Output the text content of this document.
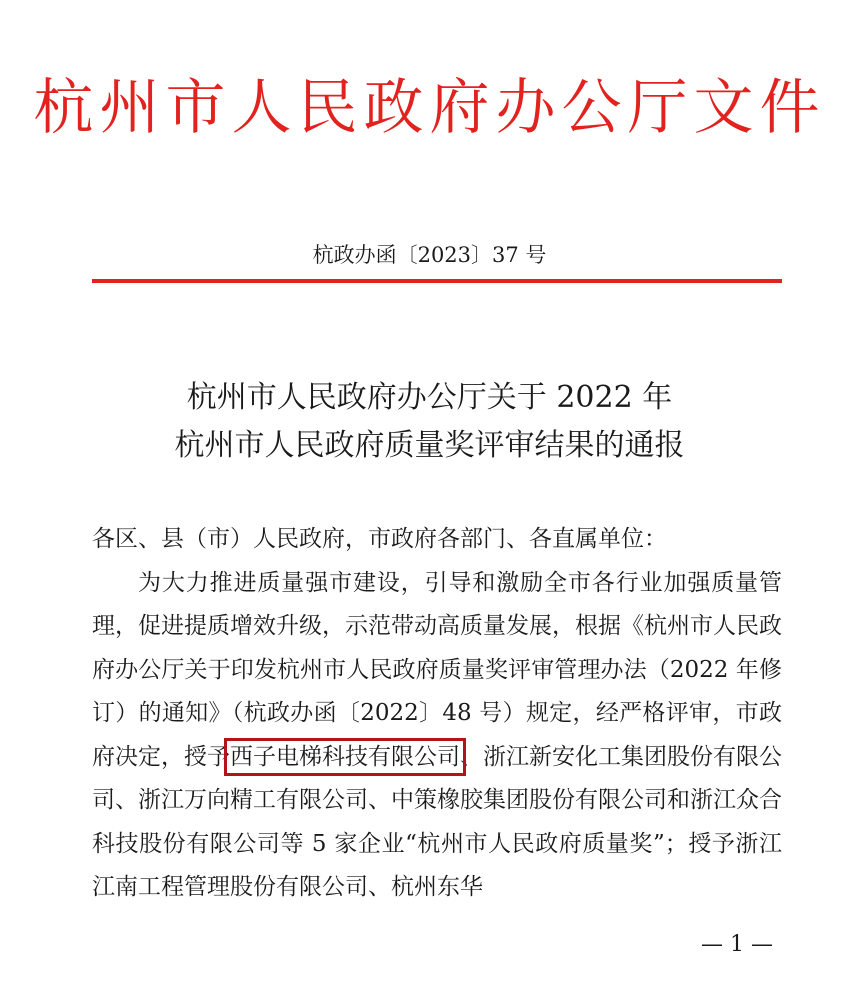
杭州市人民政府办公厅文件
杭政办函〔2023〕37 号
杭州市人民政府办公厅关于 2022 年
杭州市人民政府质量奖评审结果的通报

各区、县（市）人民政府，市政府各部门、各直属单位：

为大力推进质量强市建设，引导和激励全市各行业加强质量管理，促进提质增效升级，示范带动高质量发展，根据《杭州市人民政府办公厅关于印发杭州市人民政府质量奖评审管理办法（2022 年修订）的通知》（杭政办函〔2022〕48 号）规定，经严格评审，市政府决定，授予西子电梯科技有限公司、浙江新安化工集团股份有限公司、浙江万向精工有限公司、中策橡胶集团股份有限公司和浙江众合科技股份有限公司等 5 家企业“杭州市人民政府质量奖”；授予浙江江南工程管理股份有限公司、杭州东华

— 1 —
